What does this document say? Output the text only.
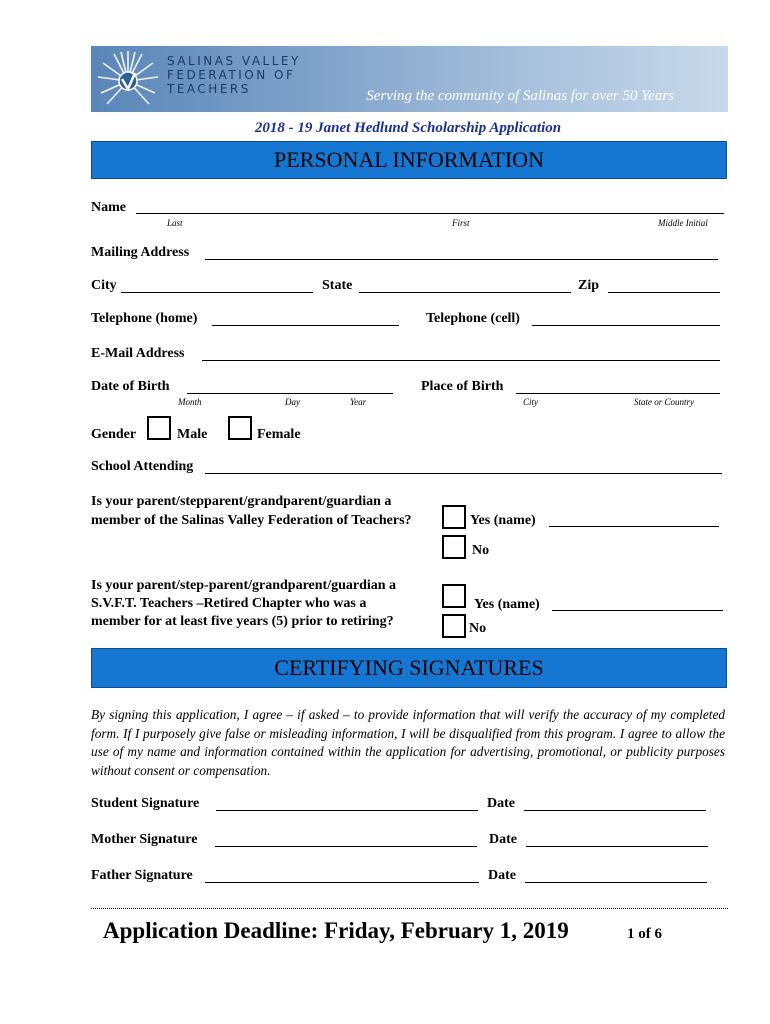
SALINAS VALLEY
FEDERATION OF
TEACHERS	Serving the community of Salinas for over 50 Years
2018 - 19 Janet Hedlund Scholarship Application
PERSONAL INFORMATION
Name
Last	First	Middle Initial
Mailing Address
City	State	Zip
Telephone (home)	Telephone (cell)
E-Mail Address
Date of Birth
Month	Day	Year
Place of Birth
City	State or Country
Gender	Male	Female
School Attending
Is your parent/stepparent/grandparent/guardian a
member of the Salinas Valley Federation of Teachers?	Yes (name)
No
Is your parent/step-parent/grandparent/guardian a
S.V.F.T. Teachers –Retired Chapter who was a
member for at least five years (5) prior to retiring?
Yes (name)
No
CERTIFYING SIGNATURES
By signing this application, I agree – if asked – to provide information that will verify the accuracy of my completed form. If I purposely give false or misleading information, I will be disqualified from this program. I agree to allow the use of my name and information contained within the application for advertising, promotional, or publicity purposes without consent or compensation.
Student Signature	Date
Mother Signature	Date
Father Signature	Date
Application Deadline: Friday, February 1, 2019	1 of 6
